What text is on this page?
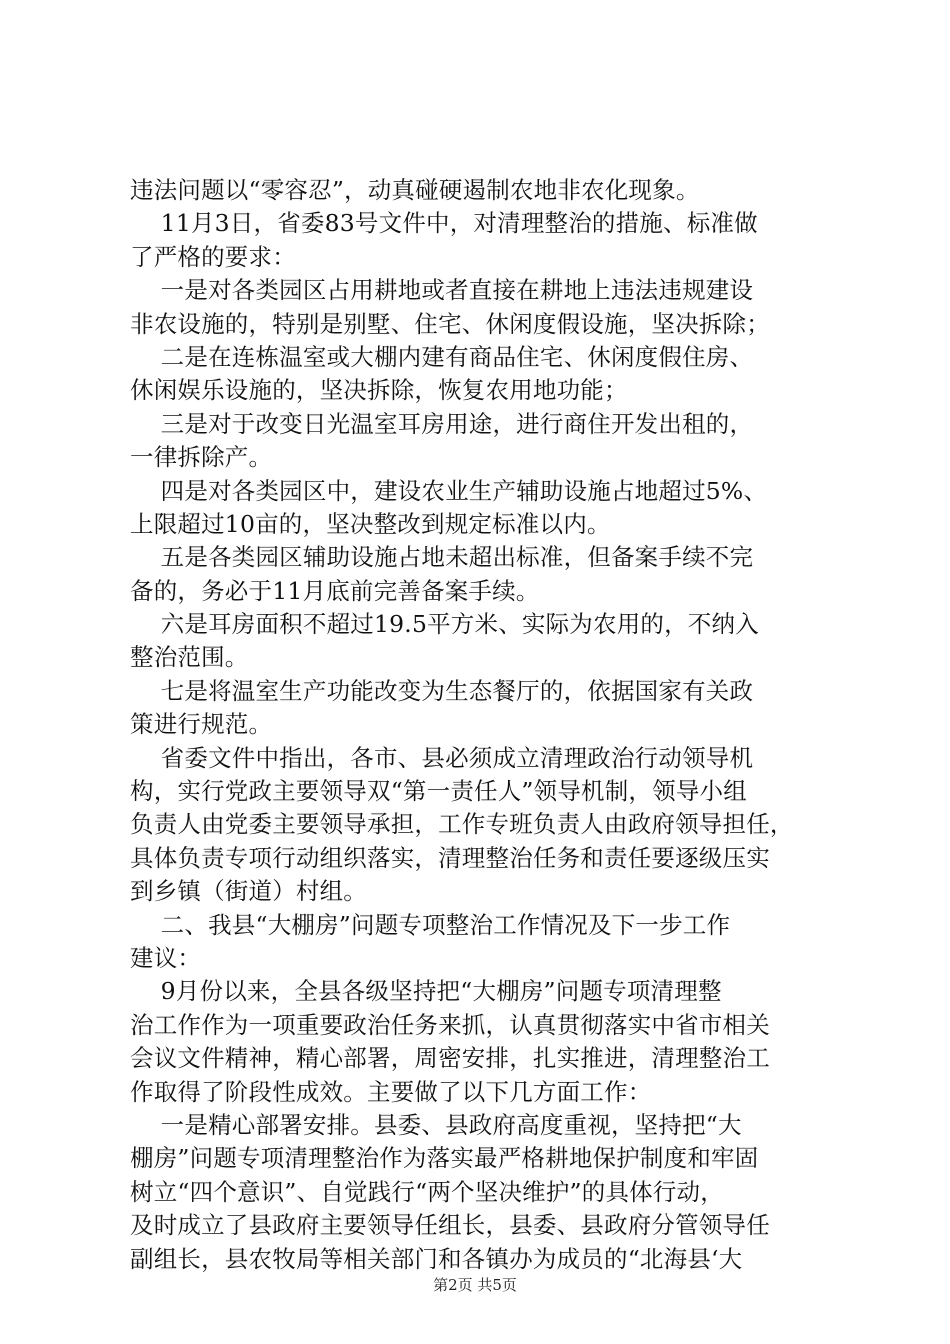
违法问题以“零容忍”，动真碰硬遏制农地非农化现象。
11月3日，省委83号文件中，对清理整治的措施、标准做
了严格的要求：
一是对各类园区占用耕地或者直接在耕地上违法违规建设
非农设施的，特别是别墅、住宅、休闲度假设施，坚决拆除；
二是在连栋温室或大棚内建有商品住宅、休闲度假住房、
休闲娱乐设施的，坚决拆除，恢复农用地功能；
三是对于改变日光温室耳房用途，进行商住开发出租的，
一律拆除产。
四是对各类园区中，建设农业生产辅助设施占地超过5%、
上限超过10亩的，坚决整改到规定标准以内。
五是各类园区辅助设施占地未超出标准，但备案手续不完
备的，务必于11月底前完善备案手续。
六是耳房面积不超过19.5平方米、实际为农用的，不纳入
整治范围。
七是将温室生产功能改变为生态餐厅的，依据国家有关政
策进行规范。
省委文件中指出，各市、县必须成立清理政治行动领导机
构，实行党政主要领导双“第一责任人”领导机制，领导小组
负责人由党委主要领导承担，工作专班负责人由政府领导担任，
具体负责专项行动组织落实，清理整治任务和责任要逐级压实
到乡镇（街道）村组。
二、我县“大棚房”问题专项整治工作情况及下一步工作
建议：
9月份以来，全县各级坚持把“大棚房”问题专项清理整
治工作作为一项重要政治任务来抓，认真贯彻落实中省市相关
会议文件精神，精心部署，周密安排，扎实推进，清理整治工
作取得了阶段性成效。主要做了以下几方面工作：
一是精心部署安排。县委、县政府高度重视，坚持把“大
棚房”问题专项清理整治作为落实最严格耕地保护制度和牢固
树立“四个意识”、自觉践行“两个坚决维护”的具体行动，
及时成立了县政府主要领导任组长，县委、县政府分管领导任
副组长，县农牧局等相关部门和各镇办为成员的“北海县‘大
第2页 共5页
